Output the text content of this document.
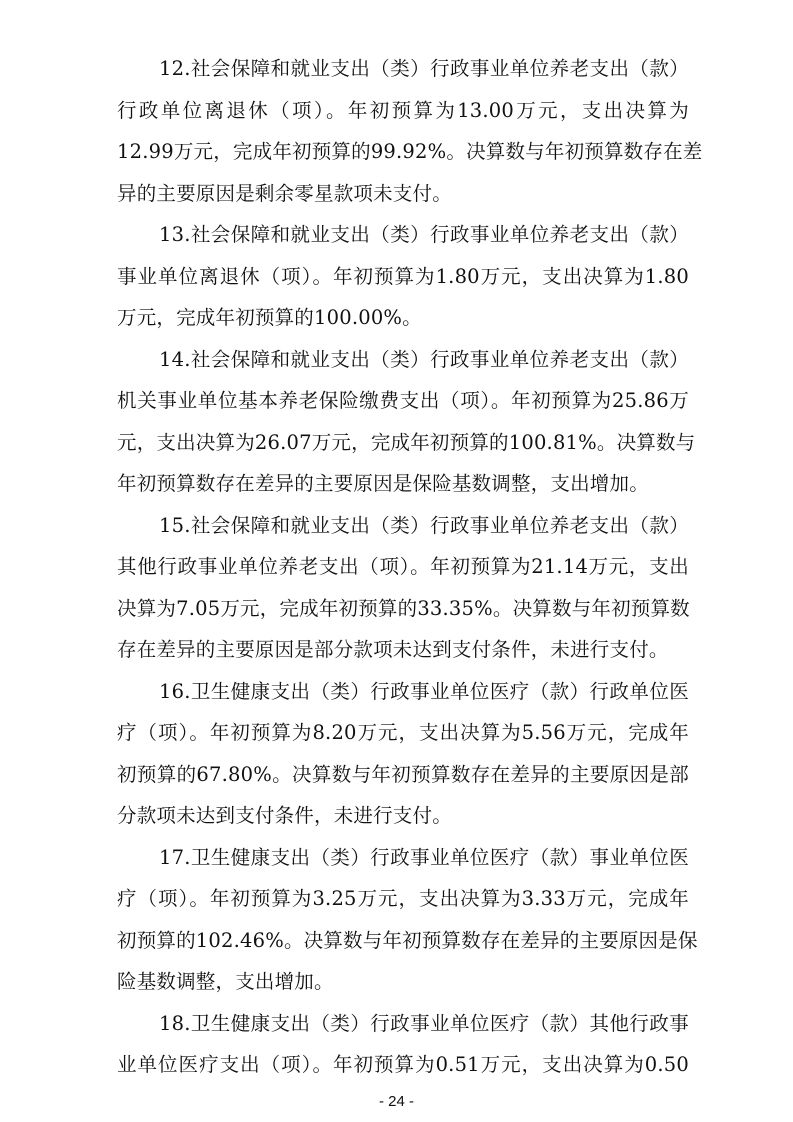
12.社会保障和就业支出（类）行政事业单位养老支出（款）
行政单位离退休（项）。年初预算为13.00万元，支出决算为
12.99万元，完成年初预算的99.92%。决算数与年初预算数存在差
异的主要原因是剩余零星款项未支付。
13.社会保障和就业支出（类）行政事业单位养老支出（款）
事业单位离退休（项）。年初预算为1.80万元，支出决算为1.80
万元，完成年初预算的100.00%。
14.社会保障和就业支出（类）行政事业单位养老支出（款）
机关事业单位基本养老保险缴费支出（项）。年初预算为25.86万
元，支出决算为26.07万元，完成年初预算的100.81%。决算数与
年初预算数存在差异的主要原因是保险基数调整，支出增加。
15.社会保障和就业支出（类）行政事业单位养老支出（款）
其他行政事业单位养老支出（项）。年初预算为21.14万元，支出
决算为7.05万元，完成年初预算的33.35%。决算数与年初预算数
存在差异的主要原因是部分款项未达到支付条件，未进行支付。
16.卫生健康支出（类）行政事业单位医疗（款）行政单位医
疗（项）。年初预算为8.20万元，支出决算为5.56万元，完成年
初预算的67.80%。决算数与年初预算数存在差异的主要原因是部
分款项未达到支付条件，未进行支付。
17.卫生健康支出（类）行政事业单位医疗（款）事业单位医
疗（项）。年初预算为3.25万元，支出决算为3.33万元，完成年
初预算的102.46%。决算数与年初预算数存在差异的主要原因是保
险基数调整，支出增加。
18.卫生健康支出（类）行政事业单位医疗（款）其他行政事
业单位医疗支出（项）。年初预算为0.51万元，支出决算为0.50
- 24 -
